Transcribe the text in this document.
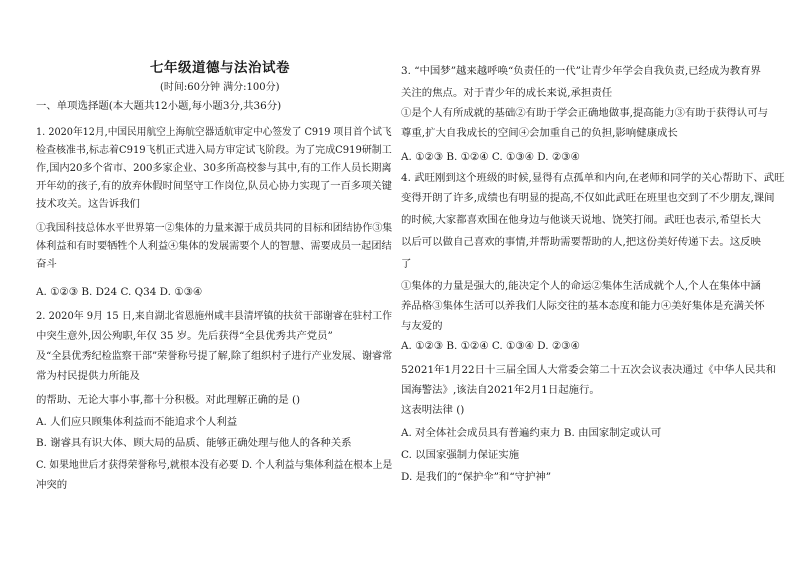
七年级道德与法治试卷
(时间:60分钟 满分:100分)
一、单项选择题(本大题共12小题,每小题3分,共36分)
1. 2020年12月,中国民用航空上海航空器适航审定中心签发了 C919 项目首个试飞
检查核准书,标志着C919飞机正式进入局方审定试飞阶段。为了完成C919研制工
作,国内20多个省市、200多家企业、30多所高校参与其中,有的工作人员长期离
开年幼的孩子,有的放弃休假时间坚守工作岗位,队员心协力实现了一百多项关键
技术攻关。这告诉我们
①我国科技总体水平世界第一②集体的力量来源于成员共同的目标和团结协作③集
体利益和有时要牺牲个人利益④集体的发展需要个人的智慧、需要成员一起团结
奋斗
A. ①②③ B. D24 C. Q34 D. ①③④
2. 2020年 9月 15 日,来自湖北省恩施州咸丰县清坪镇的扶贫干部谢睿在驻村工作
中突生意外,因公殉职,年仅 35 岁。先后获得“全县优秀共产党员”
及“全县优秀纪检监察干部”荣誉称号提了解,除了组织村子进行产业发展、谢睿常
常为村民提供力所能及
的帮助、无论大事小事,都十分积极。对此理解正确的是 ()
A. 人们应只顾集体利益而不能追求个人利益
B. 谢睿具有识大体、顾大局的品质、能够正确处理与他人的各种关系
C. 如果地世后才获得荣誉称号,就根本没有必要 D. 个人利益与集体利益在根本上是
冲突的
3. “中国梦”越来越呼唤“负责任的一代”让青少年学会自我负责,已经成为教育界
关注的焦点。对于青少年的成长来说,承担责任
①是个人有所成就的基础②有助于学会正确地做事,提高能力③有助于获得认可与
尊重,扩大自我成长的空间④会加重自己的负担,影响健康成长
A. ①②③ B. ①②④ C. ①③④ D. ②③④
4. 武旺刚到这个班级的时候,显得有点孤单和内向,在老师和同学的关心帮助下、武旺
变得开朗了许多,成绩也有明显的提高,不仅如此武旺在班里也交到了不少朋友,课间
的时候,大家都喜欢围在他身边与他谈天说地、饶笑打闹。武旺也表示,希望长大
以后可以做自己喜欢的事情,并帮助需要帮助的人,把这份美好传递下去。这反映
了
①集体的力量是强大的,能决定个人的命运②集体生活成就个人,个人在集体中涵
养品格③集体生活可以养我们人际交往的基本态度和能力④美好集体是充满关怀
与友爱的
A. ①②③ B. ①②④ C. ①③④ D. ②③④
52021年1月22日十三届全国人大常委会第二十五次会议表决通过《中华人民共和
国海警法》,该法自2021年2月1日起施行。
这表明法律 ()
A. 对全体社会成员具有普遍约束力 B. 由国家制定或认可
C. 以国家强制力保证实施
D. 是我们的“保护伞”和“守护神”
